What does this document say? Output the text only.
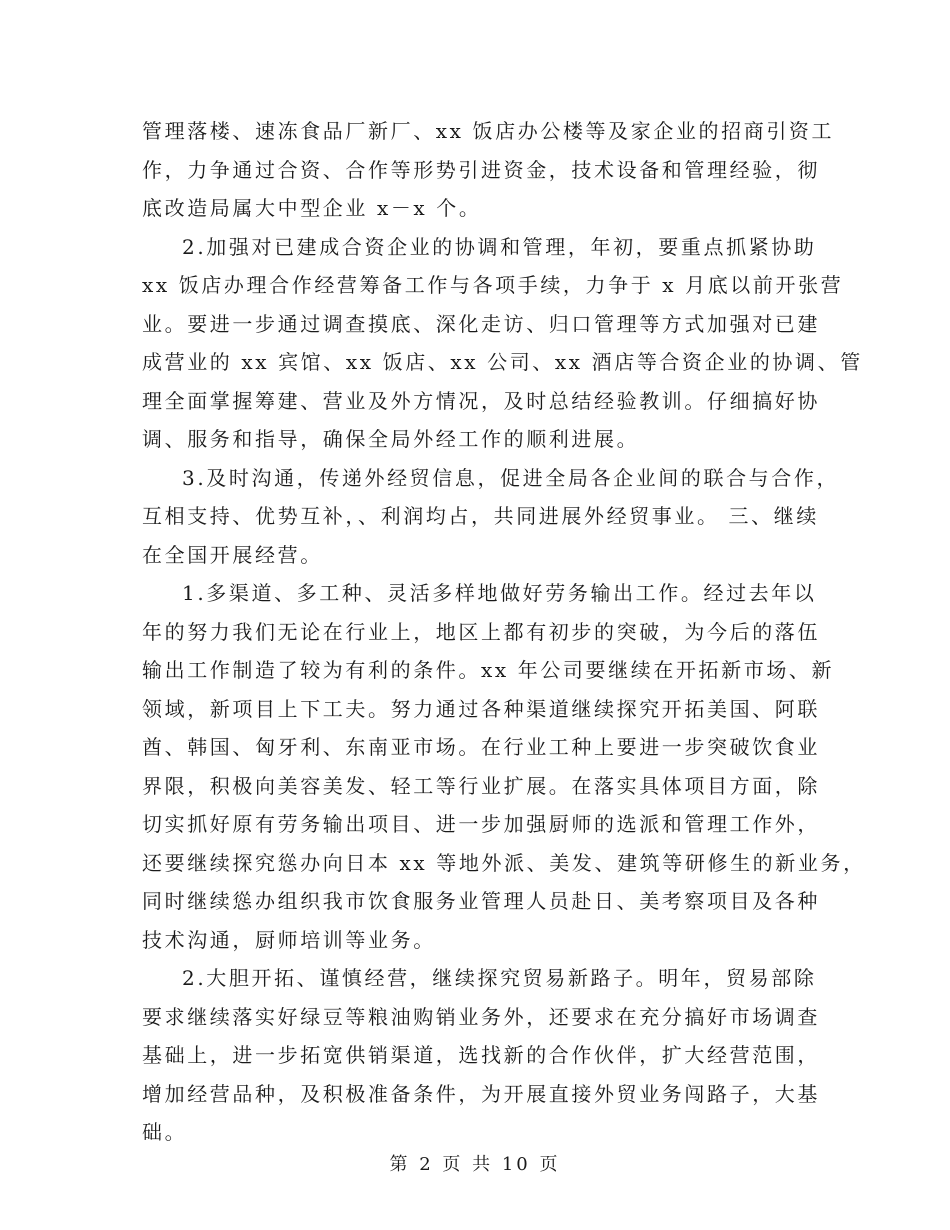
管理落楼、速冻食品厂新厂、xx 饭店办公楼等及家企业的招商引资工
作，力争通过合资、合作等形势引进资金，技术设备和管理经验，彻
底改造局属大中型企业 x－x 个。
2.加强对已建成合资企业的协调和管理，年初，要重点抓紧协助
xx 饭店办理合作经营筹备工作与各项手续，力争于 x 月底以前开张营
业。要进一步通过调查摸底、深化走访、归口管理等方式加强对已建
成营业的 xx 宾馆、xx 饭店、xx 公司、xx 酒店等合资企业的协调、管
理全面掌握筹建、营业及外方情况，及时总结经验教训。仔细搞好协
调、服务和指导，确保全局外经工作的顺利进展。
3.及时沟通，传递外经贸信息，促进全局各企业间的联合与合作，
互相支持、优势互补，、利润均占，共同进展外经贸事业。 三、继续
在全国开展经营。
1.多渠道、多工种、灵活多样地做好劳务输出工作。经过去年以
年的努力我们无论在行业上，地区上都有初步的突破，为今后的落伍
输出工作制造了较为有利的条件。xx 年公司要继续在开拓新市场、新
领域，新项目上下工夫。努力通过各种渠道继续探究开拓美国、阿联
酋、韩国、匈牙利、东南亚市场。在行业工种上要进一步突破饮食业
界限，积极向美容美发、轻工等行业扩展。在落实具体项目方面，除
切实抓好原有劳务输出项目、进一步加强厨师的选派和管理工作外，
还要继续探究慫办向日本 xx 等地外派、美发、建筑等研修生的新业务，
同时继续慫办组织我市饮食服务业管理人员赴日、美考察项目及各种
技术沟通，厨师培训等业务。
2.大胆开拓、谨慎经营，继续探究贸易新路子。明年，贸易部除
要求继续落实好绿豆等粮油购销业务外，还要求在充分搞好市场调查
基础上，进一步拓宽供销渠道，选找新的合作伙伴，扩大经营范围，
增加经营品种，及积极准备条件，为开展直接外贸业务闯路子，大基
础。
第 2 页 共 10 页
